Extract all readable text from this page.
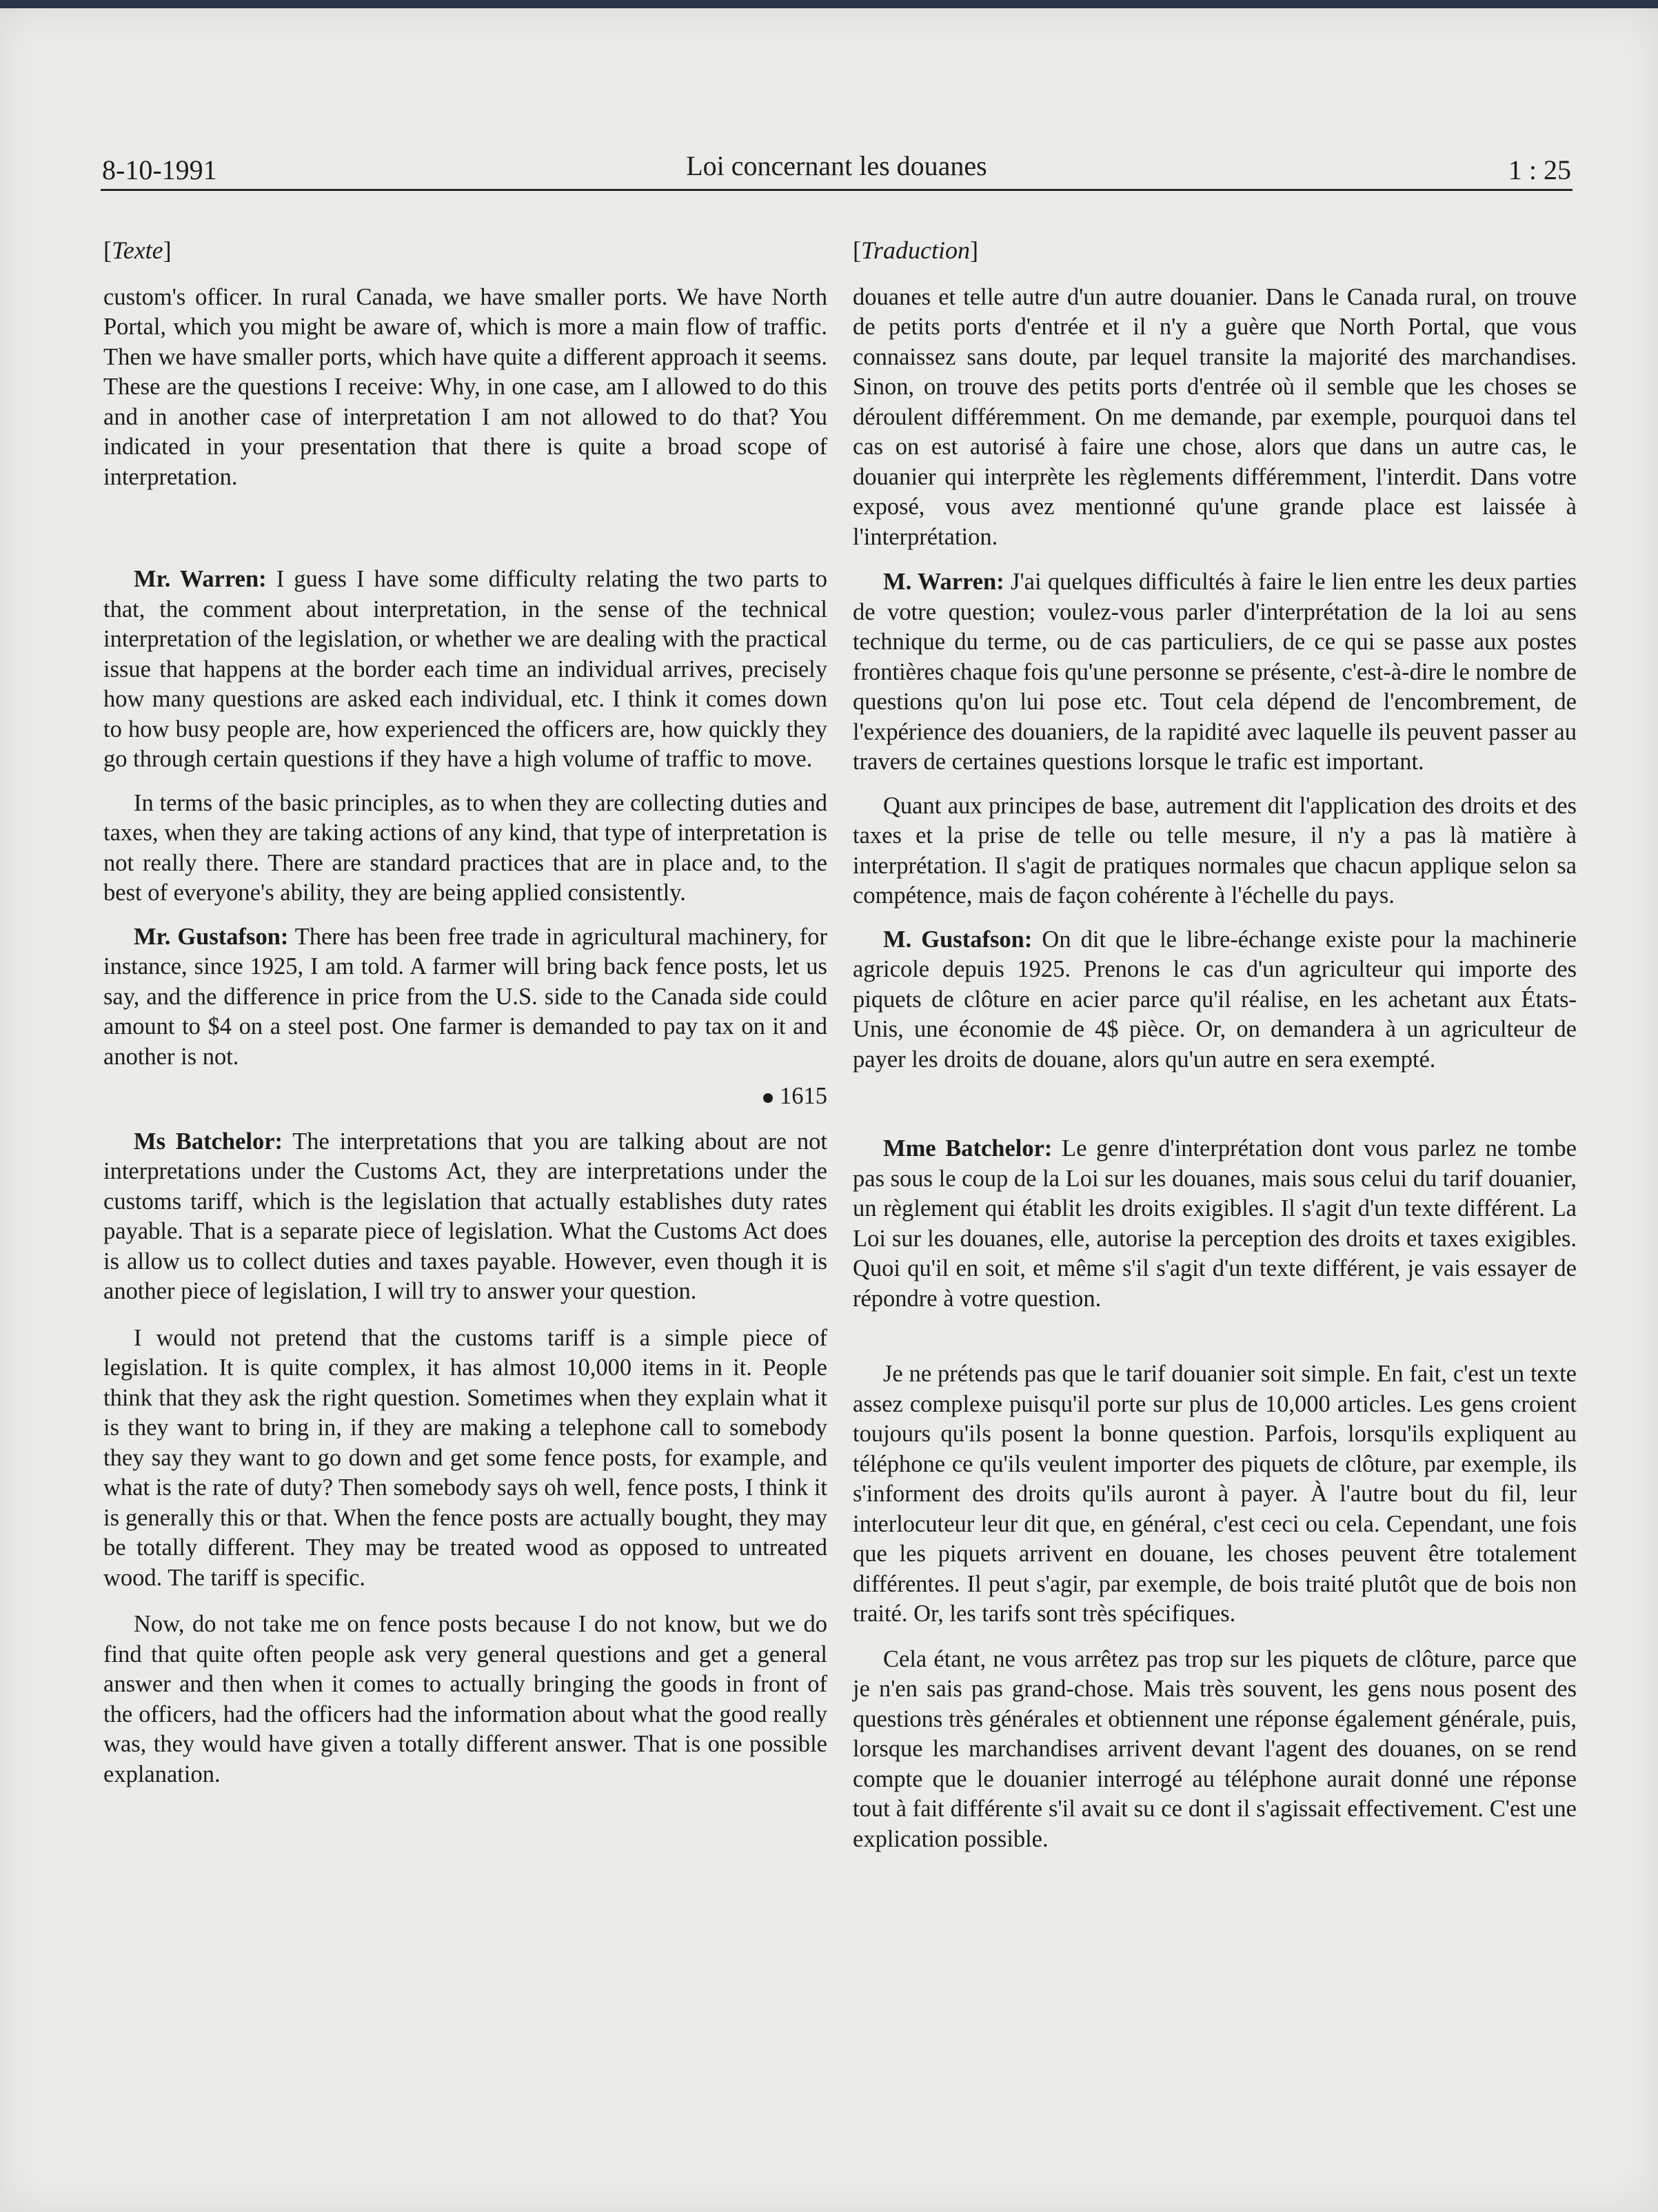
8-10-1991	Loi concernant les douanes	1 : 25
[Texte]

custom's officer. In rural Canada, we have smaller ports. We have North Portal, which you might be aware of, which is more a main flow of traffic. Then we have smaller ports, which have quite a different approach it seems. These are the questions I receive: Why, in one case, am I allowed to do this and in another case of interpretation I am not allowed to do that? You indicated in your presentation that there is quite a broad scope of interpretation.

Mr. Warren: I guess I have some difficulty relating the two parts to that, the comment about interpretation, in the sense of the technical interpretation of the legislation, or whether we are dealing with the practical issue that happens at the border each time an individual arrives, precisely how many questions are asked each individual, etc. I think it comes down to how busy people are, how experienced the officers are, how quickly they go through certain questions if they have a high volume of traffic to move.

In terms of the basic principles, as to when they are collecting duties and taxes, when they are taking actions of any kind, that type of interpretation is not really there. There are standard practices that are in place and, to the best of everyone's ability, they are being applied consistently.

Mr. Gustafson: There has been free trade in agricultural machinery, for instance, since 1925, I am told. A farmer will bring back fence posts, let us say, and the difference in price from the U.S. side to the Canada side could amount to $4 on a steel post. One farmer is demanded to pay tax on it and another is not.

1615

Ms Batchelor: The interpretations that you are talking about are not interpretations under the Customs Act, they are interpretations under the customs tariff, which is the legislation that actually establishes duty rates payable. That is a separate piece of legislation. What the Customs Act does is allow us to collect duties and taxes payable. However, even though it is another piece of legislation, I will try to answer your question.

I would not pretend that the customs tariff is a simple piece of legislation. It is quite complex, it has almost 10,000 items in it. People think that they ask the right question. Sometimes when they explain what it is they want to bring in, if they are making a telephone call to somebody they say they want to go down and get some fence posts, for example, and what is the rate of duty? Then somebody says oh well, fence posts, I think it is generally this or that. When the fence posts are actually bought, they may be totally different. They may be treated wood as opposed to untreated wood. The tariff is specific.

Now, do not take me on fence posts because I do not know, but we do find that quite often people ask very general questions and get a general answer and then when it comes to actually bringing the goods in front of the officers, had the officers had the information about what the good really was, they would have given a totally different answer. That is one possible explanation.

[Traduction]

douanes et telle autre d'un autre douanier. Dans le Canada rural, on trouve de petits ports d'entrée et il n'y a guère que North Portal, que vous connaissez sans doute, par lequel transite la majorité des marchandises. Sinon, on trouve des petits ports d'entrée où il semble que les choses se déroulent différemment. On me demande, par exemple, pourquoi dans tel cas on est autorisé à faire une chose, alors que dans un autre cas, le douanier qui interprète les règlements différemment, l'interdit. Dans votre exposé, vous avez mentionné qu'une grande place est laissée à l'interprétation.

M. Warren: J'ai quelques difficultés à faire le lien entre les deux parties de votre question; voulez-vous parler d'interprétation de la loi au sens technique du terme, ou de cas particuliers, de ce qui se passe aux postes frontières chaque fois qu'une personne se présente, c'est-à-dire le nombre de questions qu'on lui pose etc. Tout cela dépend de l'encombrement, de l'expérience des douaniers, de la rapidité avec laquelle ils peuvent passer au travers de certaines questions lorsque le trafic est important.

Quant aux principes de base, autrement dit l'application des droits et des taxes et la prise de telle ou telle mesure, il n'y a pas là matière à interprétation. Il s'agit de pratiques normales que chacun applique selon sa compétence, mais de façon cohérente à l'échelle du pays.

M. Gustafson: On dit que le libre-échange existe pour la machinerie agricole depuis 1925. Prenons le cas d'un agriculteur qui importe des piquets de clôture en acier parce qu'il réalise, en les achetant aux États-Unis, une économie de 4$ pièce. Or, on demandera à un agriculteur de payer les droits de douane, alors qu'un autre en sera exempté.

Mme Batchelor: Le genre d'interprétation dont vous parlez ne tombe pas sous le coup de la Loi sur les douanes, mais sous celui du tarif douanier, un règlement qui établit les droits exigibles. Il s'agit d'un texte différent. La Loi sur les douanes, elle, autorise la perception des droits et taxes exigibles. Quoi qu'il en soit, et même s'il s'agit d'un texte différent, je vais essayer de répondre à votre question.

Je ne prétends pas que le tarif douanier soit simple. En fait, c'est un texte assez complexe puisqu'il porte sur plus de 10,000 articles. Les gens croient toujours qu'ils posent la bonne question. Parfois, lorsqu'ils expliquent au téléphone ce qu'ils veulent importer des piquets de clôture, par exemple, ils s'informent des droits qu'ils auront à payer. À l'autre bout du fil, leur interlocuteur leur dit que, en général, c'est ceci ou cela. Cependant, une fois que les piquets arrivent en douane, les choses peuvent être totalement différentes. Il peut s'agir, par exemple, de bois traité plutôt que de bois non traité. Or, les tarifs sont très spécifiques.

Cela étant, ne vous arrêtez pas trop sur les piquets de clôture, parce que je n'en sais pas grand-chose. Mais très souvent, les gens nous posent des questions très générales et obtiennent une réponse également générale, puis, lorsque les marchandises arrivent devant l'agent des douanes, on se rend compte que le douanier interrogé au téléphone aurait donné une réponse tout à fait différente s'il avait su ce dont il s'agissait effectivement. C'est une explication possible.
